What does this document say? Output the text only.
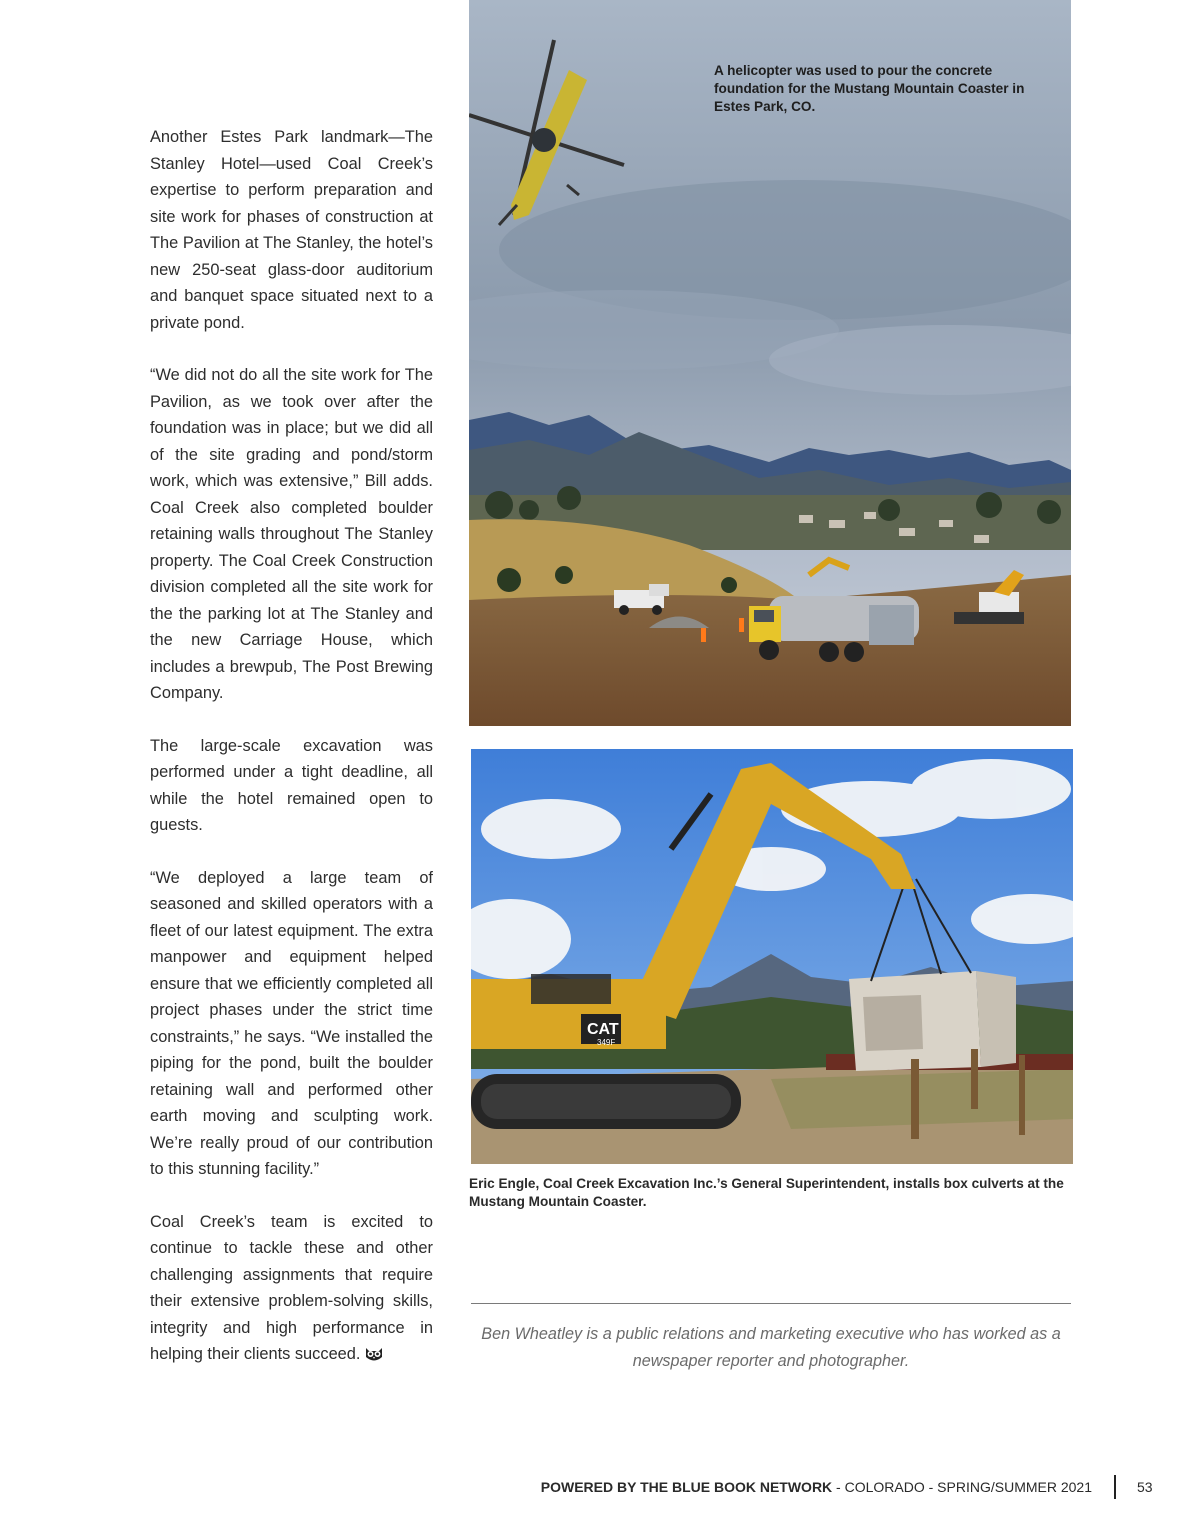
Another Estes Park landmark—The Stanley Hotel—used Coal Creek’s expertise to perform preparation and site work for phases of construction at The Pavilion at The Stanley, the hotel’s new 250-seat glass-door auditorium and banquet space situated next to a private pond.

“We did not do all the site work for The Pavilion, as we took over after the foundation was in place; but we did all of the site grading and pond/storm work, which was extensive,” Bill adds. Coal Creek also completed boulder retaining walls throughout The Stanley property. The Coal Creek Construction division completed all the site work for the the parking lot at The Stanley and the new Carriage House, which includes a brewpub, The Post Brewing Company.

The large-scale excavation was performed under a tight deadline, all while the hotel remained open to guests.

“We deployed a large team of seasoned and skilled operators with a fleet of our latest equipment. The extra manpower and equipment helped ensure that we efficiently completed all project phases under the strict time constraints,” he says. “We installed the piping for the pond, built the boulder retaining wall and performed other earth moving and sculpting work. We’re really proud of our contribution to this stunning facility.”

Coal Creek’s team is excited to continue to tackle these and other challenging assignments that require their extensive problem-solving skills, integrity and high performance in helping their clients succeed.

A helicopter was used to pour the concrete foundation for the Mustang Mountain Coaster in Estes Park, CO.
CAT
349F
Eric Engle, Coal Creek Excavation Inc.’s General Superintendent, installs box culverts at the Mustang Mountain Coaster.
Ben Wheatley is a public relations and marketing executive who has worked as a newspaper reporter and photographer.
POWERED BY THE BLUE BOOK NETWORK - COLORADO - SPRING/SUMMER 2021	53
